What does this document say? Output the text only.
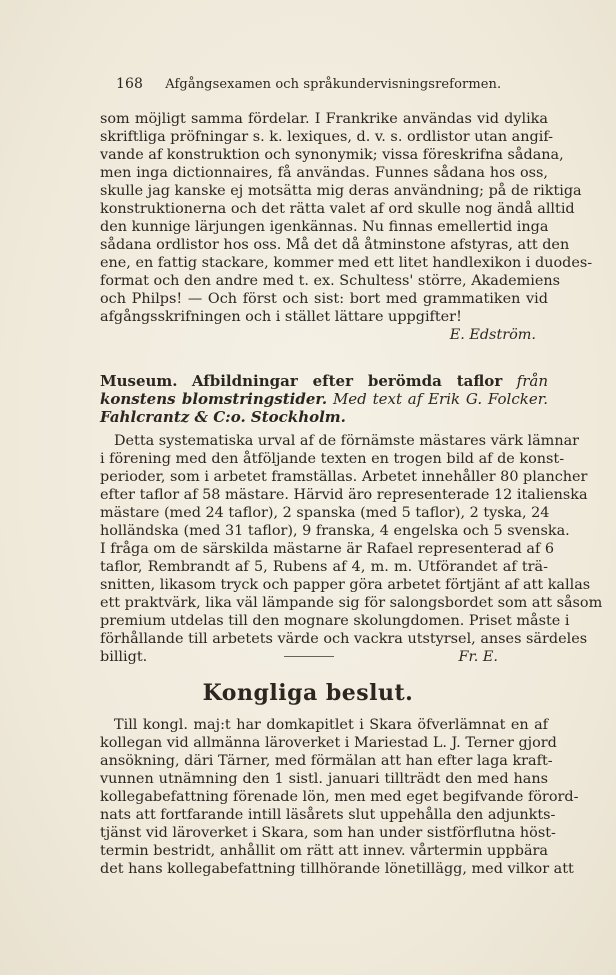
168 Afgångsexamen och språkundervisningsreformen.
som möjligt samma fördelar. I Frankrike användas vid dylika
skriftliga pröfningar s. k. lexiques, d. v. s. ordlistor utan angif-
vande af konstruktion och synonymik; vissa föreskrifna sådana,
men inga dictionnaires, få användas. Funnes sådana hos oss,
skulle jag kanske ej motsätta mig deras användning; på de riktiga
konstruktionerna och det rätta valet af ord skulle nog ändå alltid
den kunnige lärjungen igenkännas. Nu finnas emellertid inga
sådana ordlistor hos oss. Må det då åtminstone afstyras, att den
ene, en fattig stackare, kommer med ett litet handlexikon i duodes-
format och den andre med t. ex. Schultess' större, Akademiens
och Philps! — Och först och sist: bort med grammatiken vid
afgångsskrifningen och i stället lättare uppgifter!
E. Edström.
Museum. Afbildningar efter berömda taflor från
konstens blomstringstider. Med text af Erik G. Folcker.
Fahlcrantz & C:o. Stockholm.
Detta systematiska urval af de förnämste mästares värk lämnar
i förening med den åtföljande texten en trogen bild af de konst-
perioder, som i arbetet framställas. Arbetet innehåller 80 plancher
efter taflor af 58 mästare. Härvid äro representerade 12 italienska
mästare (med 24 taflor), 2 spanska (med 5 taflor), 2 tyska, 24
holländska (med 31 taflor), 9 franska, 4 engelska och 5 svenska.
I fråga om de särskilda mästarne är Rafael representerad af 6
taflor, Rembrandt af 5, Rubens af 4, m. m. Utförandet af trä-
snitten, likasom tryck och papper göra arbetet förtjänt af att kallas
ett praktvärk, lika väl lämpande sig för salongsbordet som att såsom
premium utdelas till den mognare skolungdomen. Priset måste i
förhållande till arbetets värde och vackra utstyrsel, anses särdeles
billigt.	Fr. E.
Kongliga beslut.
Till kongl. maj:t har domkapitlet i Skara öfverlämnat en af
kollegan vid allmänna läroverket i Mariestad L. J. Terner gjord
ansökning, däri Tärner, med förmälan att han efter laga kraft-
vunnen utnämning den 1 sistl. januari tillträdt den med hans
kollegabefattning förenade lön, men med eget begifvande förord-
nats att fortfarande intill läsårets slut uppehålla den adjunkts-
tjänst vid läroverket i Skara, som han under sistförflutna höst-
termin bestridt, anhållit om rätt att innev. vårtermin uppbära
det hans kollegabefattning tillhörande lönetillägg, med vilkor att
